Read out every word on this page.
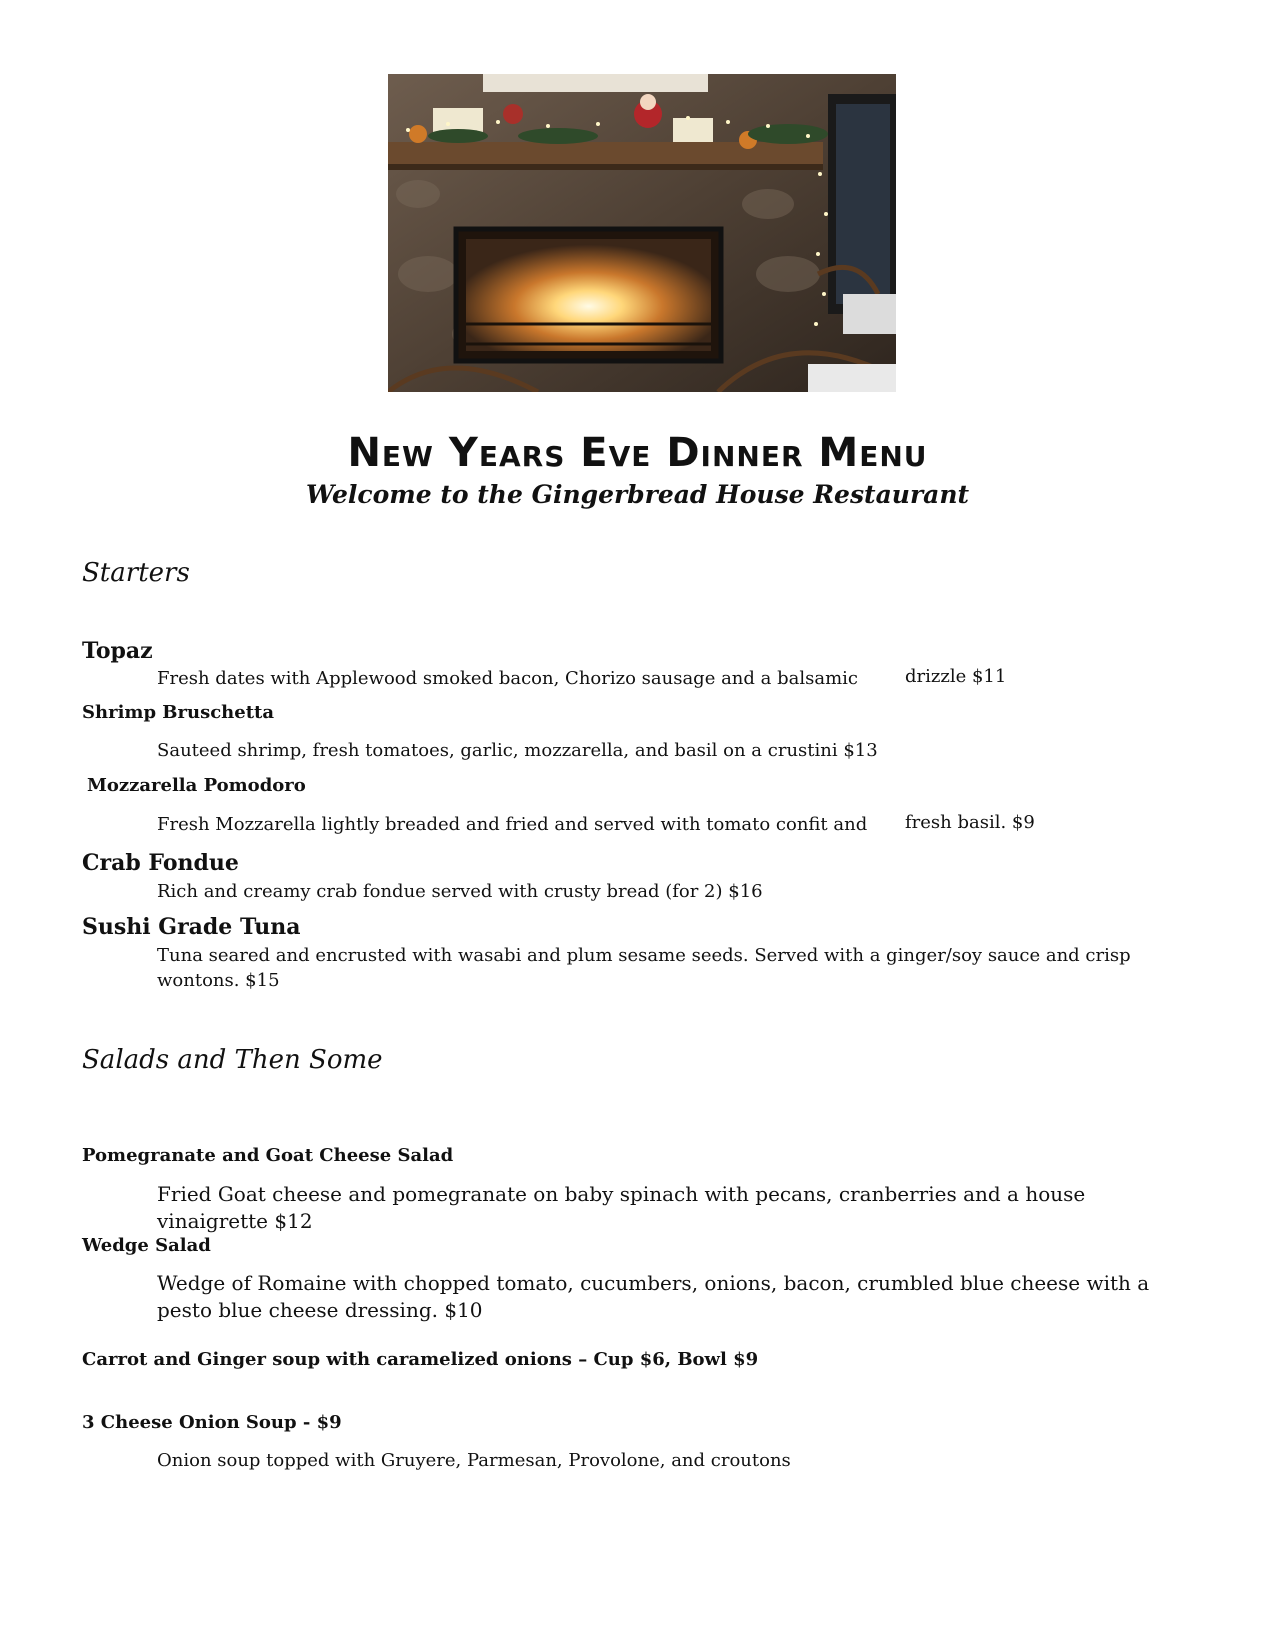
New Years Eve Dinner Menu
Welcome to the Gingerbread House Restaurant
Starters
Topaz
Fresh dates with Applewood smoked bacon, Chorizo sausage and a balsamic	drizzle $11
Shrimp Bruschetta
Sauteed shrimp, fresh tomatoes, garlic, mozzarella, and basil on a crustini $13
Mozzarella Pomodoro
Fresh Mozzarella lightly breaded and fried and served with tomato confit and fresh basil. $9
Crab Fondue
Rich and creamy crab fondue served with crusty bread (for 2) $16
Sushi Grade Tuna
Tuna seared and encrusted with wasabi and plum sesame seeds. Served with a ginger/soy sauce and crisp wontons. $15
Salads and Then Some
Pomegranate and Goat Cheese Salad
Fried Goat cheese and pomegranate on baby spinach with pecans, cranberries and a house vinaigrette $12
Wedge Salad
Wedge of Romaine with chopped tomato, cucumbers, onions, bacon, crumbled blue cheese with a pesto blue cheese dressing. $10
Carrot and Ginger soup with caramelized onions – Cup $6, Bowl $9
3 Cheese Onion Soup - $9
Onion soup topped with Gruyere, Parmesan, Provolone, and croutons
